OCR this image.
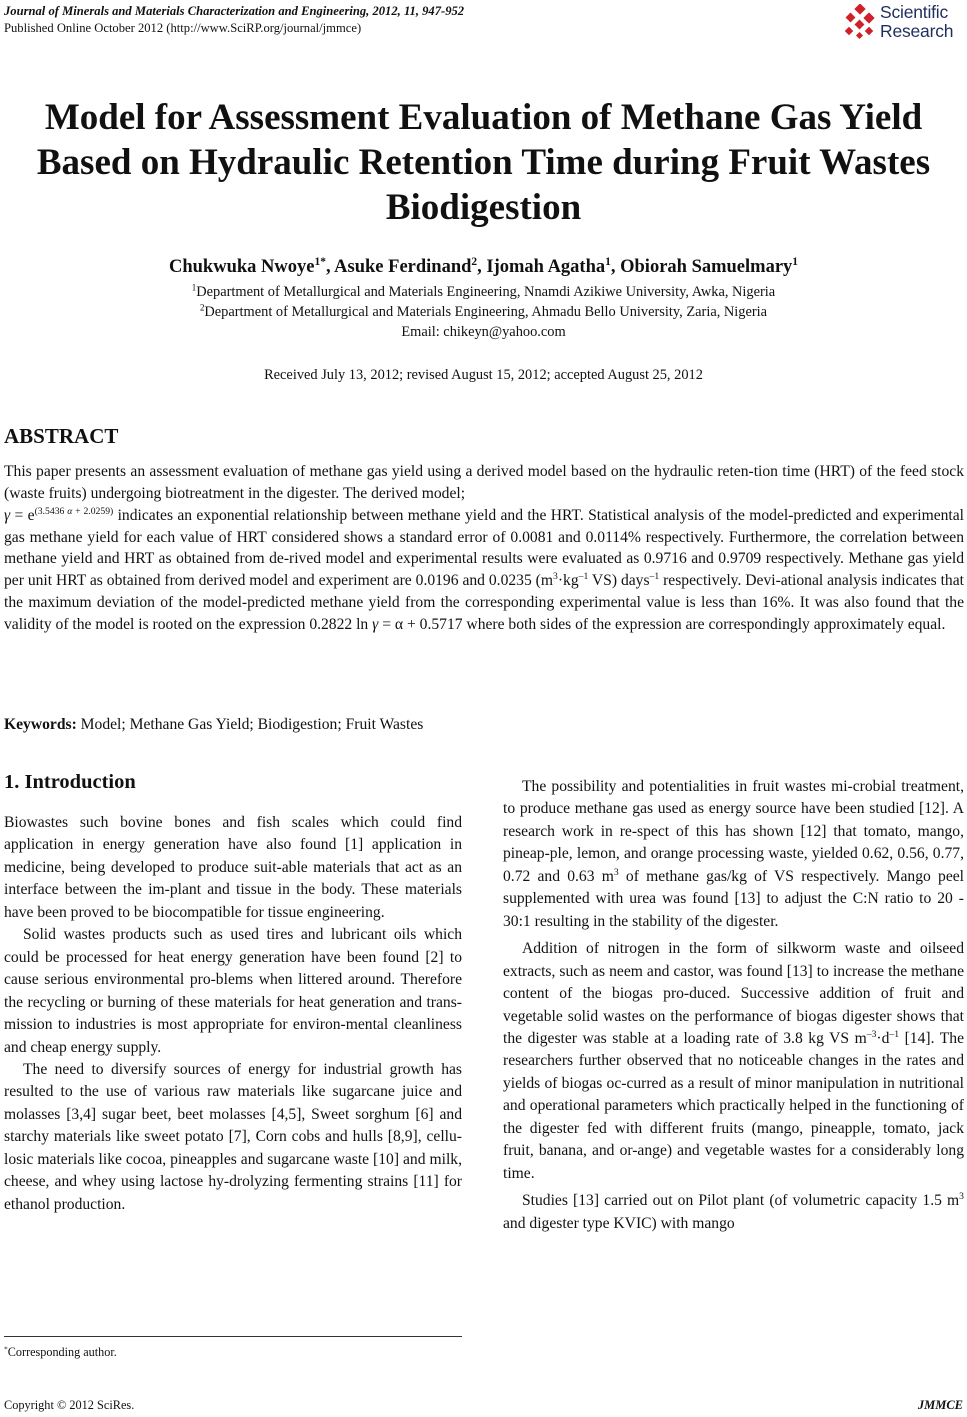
Journal of Minerals and Materials Characterization and Engineering, 2012, 11, 947-952
Published Online October 2012 (http://www.SciRP.org/journal/jmmce)
Scientific
Research
Model for Assessment Evaluation of Methane Gas Yield
Based on Hydraulic Retention Time during Fruit Wastes
Biodigestion
Chukwuka Nwoye$^{1*}$, Asuke Ferdinand$^2$, Ijomah Agatha$^1$, Obiorah Samuelmary$^1$
$^1$Department of Metallurgical and Materials Engineering, Nnamdi Azikiwe University, Awka, Nigeria
$^2$Department of Metallurgical and Materials Engineering, Ahmadu Bello University, Zaria, Nigeria
Email: chikeyn@yahoo.com
Received July 13, 2012; revised August 15, 2012; accepted August 25, 2012
ABSTRACT

This paper presents an assessment evaluation of methane gas yield using a derived model based on the hydraulic reten-tion time (HRT) of the feed stock (waste fruits) undergoing biotreatment in the digester. The derived model;
$\gamma = e^{(3.5436 \alpha + 2.0259)}$ indicates an exponential relationship between methane yield and the HRT. Statistical analysis of the model-predicted and experimental gas methane yield for each value of HRT considered shows a standard error of 0.0081 and 0.0114% respectively. Furthermore, the correlation between methane yield and HRT as obtained from de-rived model and experimental results were evaluated as 0.9716 and 0.9709 respectively. Methane gas yield per unit HRT as obtained from derived model and experiment are 0.0196 and 0.0235 ($m^3\cdot kg^{-1}$ VS) days$^{-1}$ respectively. Devi-ational analysis indicates that the maximum deviation of the model-predicted methane yield from the corresponding experimental value is less than 16%. It was also found that the validity of the model is rooted on the expression 0.2822 ln γ = α + 0.5717 where both sides of the expression are correspondingly approximately equal.

Keywords: Model; Methane Gas Yield; Biodigestion; Fruit Wastes
1. Introduction

Biowastes such bovine bones and fish scales which could find application in energy generation have also found [1] application in medicine, being developed to produce suit-able materials that act as an interface between the im-plant and tissue in the body. These materials have been proved to be biocompatible for tissue engineering.

Solid wastes products such as used tires and lubricant oils which could be processed for heat energy generation have been found [2] to cause serious environmental pro-blems when littered around. Therefore the recycling or burning of these materials for heat generation and trans-mission to industries is most appropriate for environ-mental cleanliness and cheap energy supply.

The need to diversify sources of energy for industrial growth has resulted to the use of various raw materials like sugarcane juice and molasses [3,4] sugar beet, beet molasses [4,5], Sweet sorghum [6] and starchy materials like sweet potato [7], Corn cobs and hulls [8,9], cellu-losic materials like cocoa, pineapples and sugarcane waste [10] and milk, cheese, and whey using lactose hy-drolyzing fermenting strains [11] for ethanol production.

The possibility and potentialities in fruit wastes mi-crobial treatment, to produce methane gas used as energy source have been studied [12]. A research work in re-spect of this has shown [12] that tomato, mango, pineap-ple, lemon, and orange processing waste, yielded 0.62, 0.56, 0.77, 0.72 and 0.63 $m^3$ of methane gas/kg of VS respectively. Mango peel supplemented with urea was found [13] to adjust the C:N ratio to 20 - 30:1 resulting in the stability of the digester.

Addition of nitrogen in the form of silkworm waste and oilseed extracts, such as neem and castor, was found [13] to increase the methane content of the biogas pro-duced. Successive addition of fruit and vegetable solid wastes on the performance of biogas digester shows that the digester was stable at a loading rate of 3.8 kg VS $m^{-3}\cdot d^{-1}$ [14]. The researchers further observed that no noticeable changes in the rates and yields of biogas oc-curred as a result of minor manipulation in nutritional and operational parameters which practically helped in the functioning of the digester fed with different fruits (mango, pineapple, tomato, jack fruit, banana, and or-ange) and vegetable wastes for a considerably long time.

Studies [13] carried out on Pilot plant (of volumetric capacity 1.5 $m^3$ and digester type KVIC) with mango

*Corresponding author.
Copyright © 2012 SciRes.	JMMCE
